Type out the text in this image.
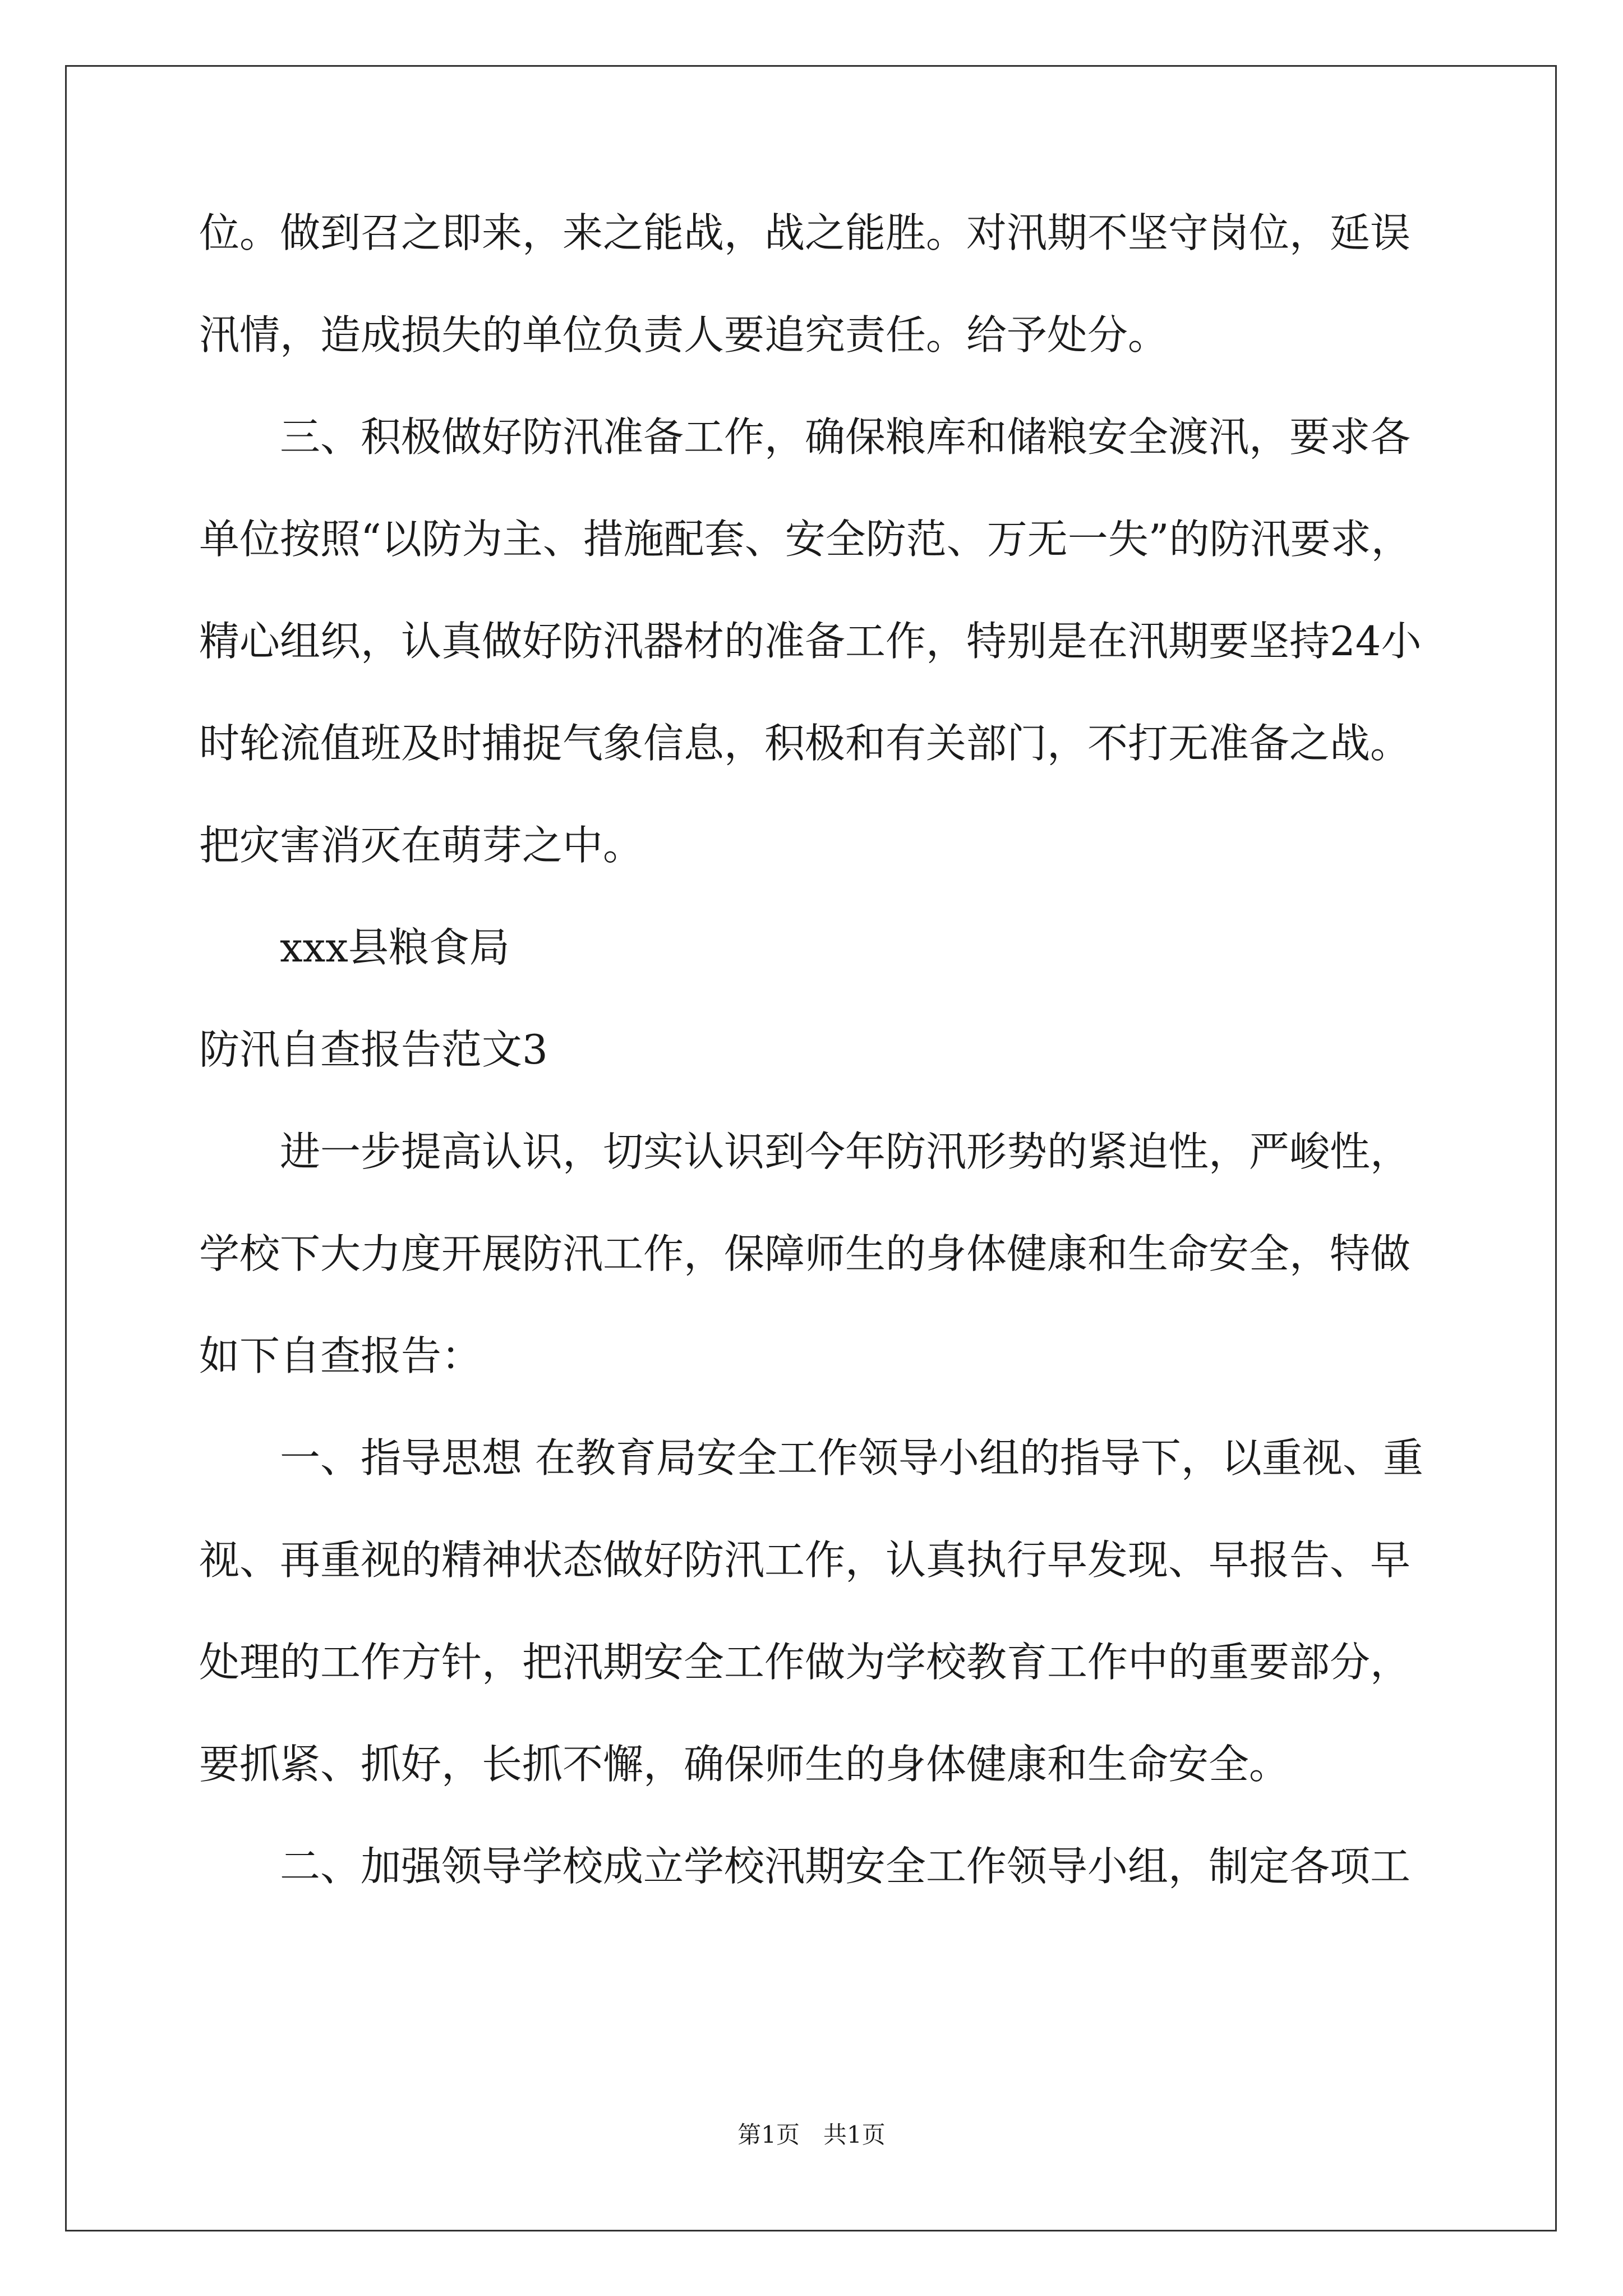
位。做到召之即来，来之能战，战之能胜。对汛期不坚守岗位，延误

汛情，造成损失的单位负责人要追究责任。给予处分。

三、积极做好防汛准备工作，确保粮库和储粮安全渡汛，要求各

单位按照“以防为主、措施配套、安全防范、万无一失”的防汛要求，

精心组织，认真做好防汛器材的准备工作，特别是在汛期要坚持24小

时轮流值班及时捕捉气象信息，积极和有关部门，不打无准备之战。

把灾害消灭在萌芽之中。

xxx县粮食局

防汛自查报告范文3

进一步提高认识，切实认识到今年防汛形势的紧迫性，严峻性，

学校下大力度开展防汛工作，保障师生的身体健康和生命安全，特做

如下自查报告：

一、指导思想 在教育局安全工作领导小组的指导下，以重视、重

视、再重视的精神状态做好防汛工作，认真执行早发现、早报告、早

处理的工作方针，把汛期安全工作做为学校教育工作中的重要部分，

要抓紧、抓好，长抓不懈，确保师生的身体健康和生命安全。

二、加强领导学校成立学校汛期安全工作领导小组，制定各项工

第1页　共1页
